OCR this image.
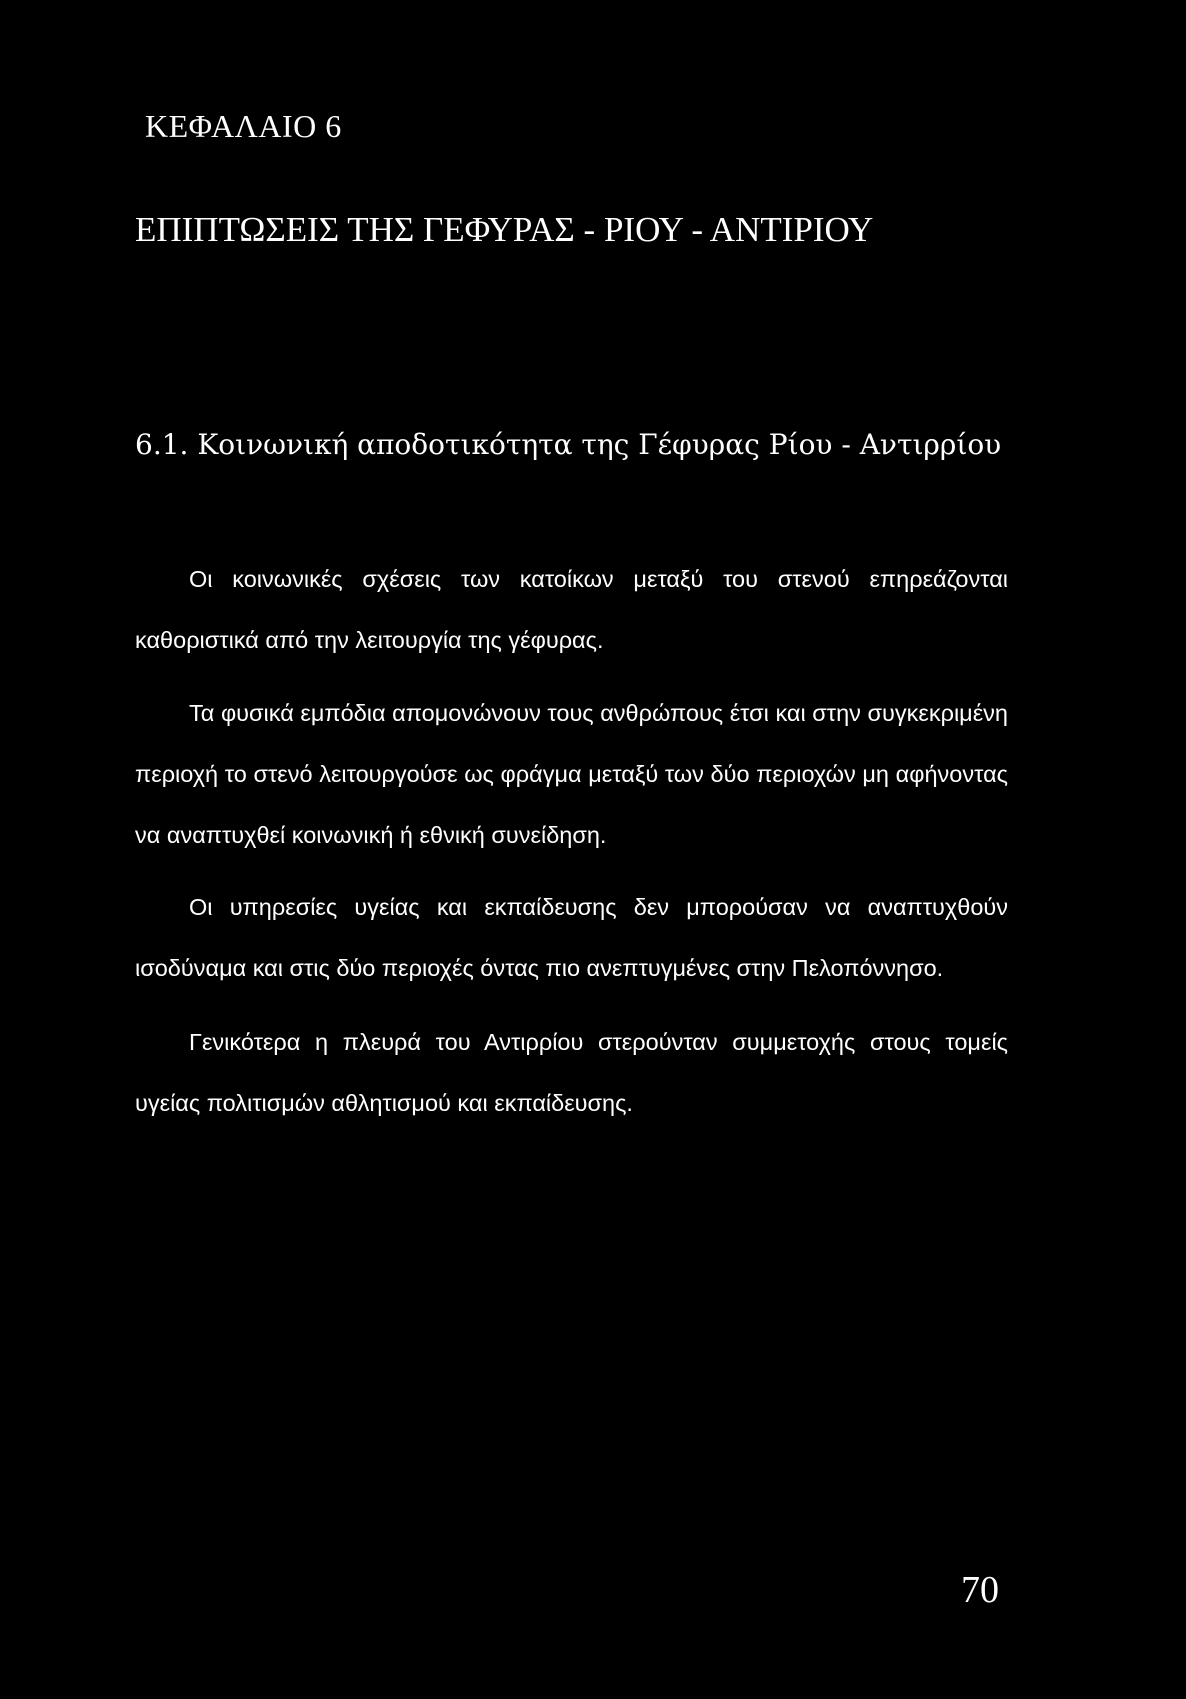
ΚΕΦΑΛΑΙΟ 6
ΕΠΙΠΤΩΣΕΙΣ ΤΗΣ ΓΕΦΥΡΑΣ - ΡΙΟΥ - ΑΝΤΙΡΙΟΥ
6.1. Κοινωνική αποδοτικότητα της Γέφυρας Ρίου - Αντιρρίου

Οι κοινωνικές σχέσεις των κατοίκων μεταξύ του στενού επηρεάζονται καθοριστικά από την λειτουργία της γέφυρας.

Τα φυσικά εμπόδια απομονώνουν τους ανθρώπους έτσι και στην συγκεκριμένη περιοχή το στενό λειτουργούσε ως φράγμα μεταξύ των δύο περιοχών μη αφήνοντας να αναπτυχθεί κοινωνική ή εθνική συνείδηση.

Οι υπηρεσίες υγείας και εκπαίδευσης δεν μπορούσαν να αναπτυχθούν ισοδύναμα και στις δύο περιοχές όντας πιο ανεπτυγμένες στην Πελοπόννησο.

Γενικότερα η πλευρά του Αντιρρίου στερούνταν συμμετοχής στους τομείς υγείας πολιτισμών αθλητισμού και εκπαίδευσης.

70
